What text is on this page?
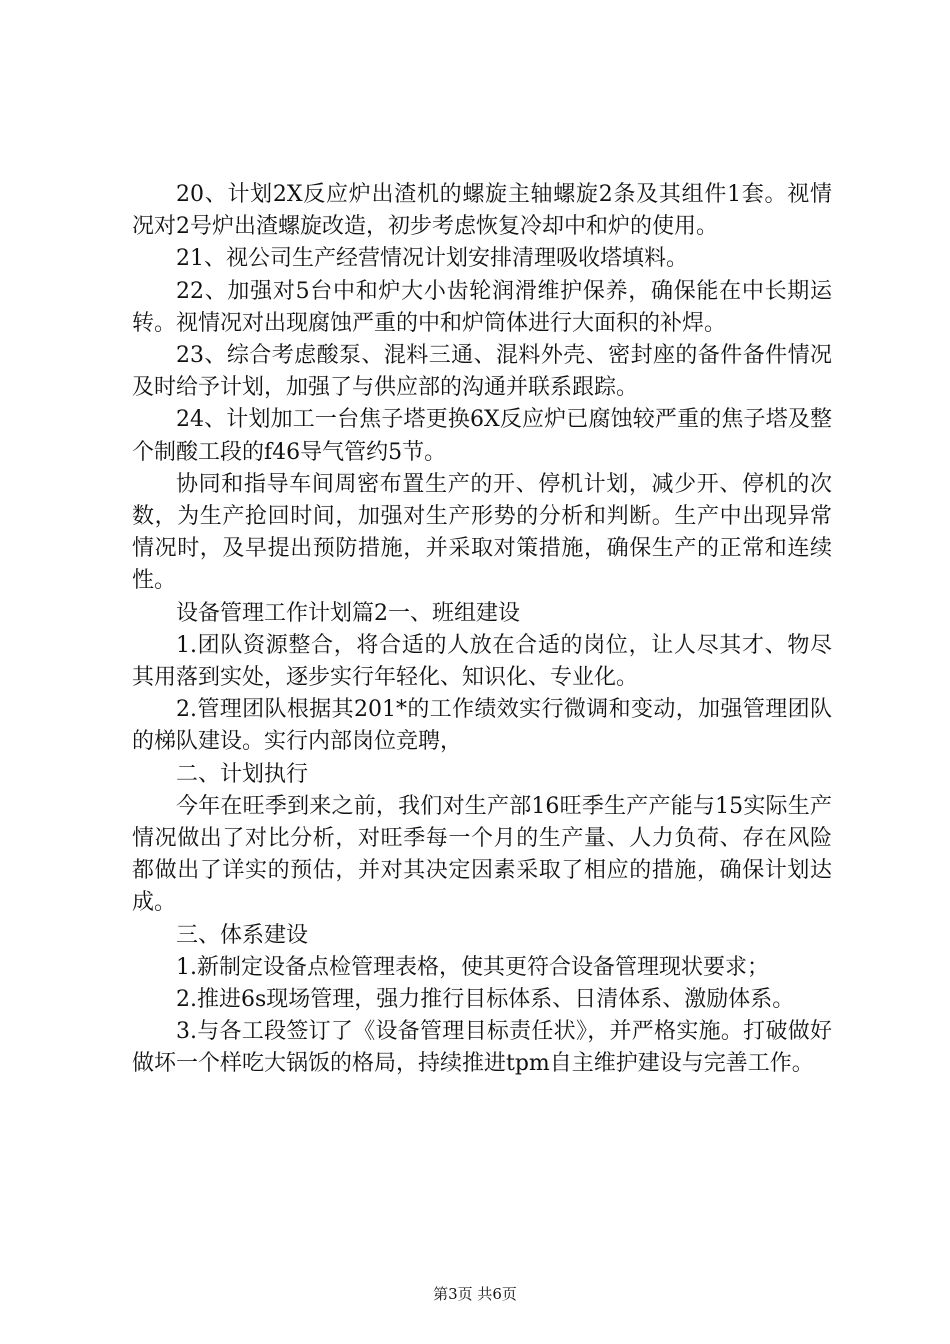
20、计划2X反应炉出渣机的螺旋主轴螺旋2条及其组件1套。视情况对2号炉出渣螺旋改造，初步考虑恢复冷却中和炉的使用。

21、视公司生产经营情况计划安排清理吸收塔填料。

22、加强对5台中和炉大小齿轮润滑维护保养，确保能在中长期运转。视情况对出现腐蚀严重的中和炉筒体进行大面积的补焊。

23、综合考虑酸泵、混料三通、混料外壳、密封座的备件备件情况及时给予计划，加强了与供应部的沟通并联系跟踪。

24、计划加工一台焦子塔更换6X反应炉已腐蚀较严重的焦子塔及整个制酸工段的f46导气管约5节。

协同和指导车间周密布置生产的开、停机计划，减少开、停机的次数，为生产抢回时间，加强对生产形势的分析和判断。生产中出现异常情况时，及早提出预防措施，并采取对策措施，确保生产的正常和连续性。

设备管理工作计划篇2一、班组建设

1.团队资源整合，将合适的人放在合适的岗位，让人尽其才、物尽其用落到实处，逐步实行年轻化、知识化、专业化。

2.管理团队根据其201*的工作绩效实行微调和变动，加强管理团队的梯队建设。实行内部岗位竞聘，

二、计划执行

今年在旺季到来之前，我们对生产部16旺季生产产能与15实际生产情况做出了对比分析，对旺季每一个月的生产量、人力负荷、存在风险都做出了详实的预估，并对其决定因素采取了相应的措施，确保计划达成。

三、体系建设

1.新制定设备点检管理表格，使其更符合设备管理现状要求；

2.推进6s现场管理，强力推行目标体系、日清体系、激励体系。

3.与各工段签订了《设备管理目标责任状》，并严格实施。打破做好做坏一个样吃大锅饭的格局，持续推进tpm自主维护建设与完善工作。

第3页 共6页
